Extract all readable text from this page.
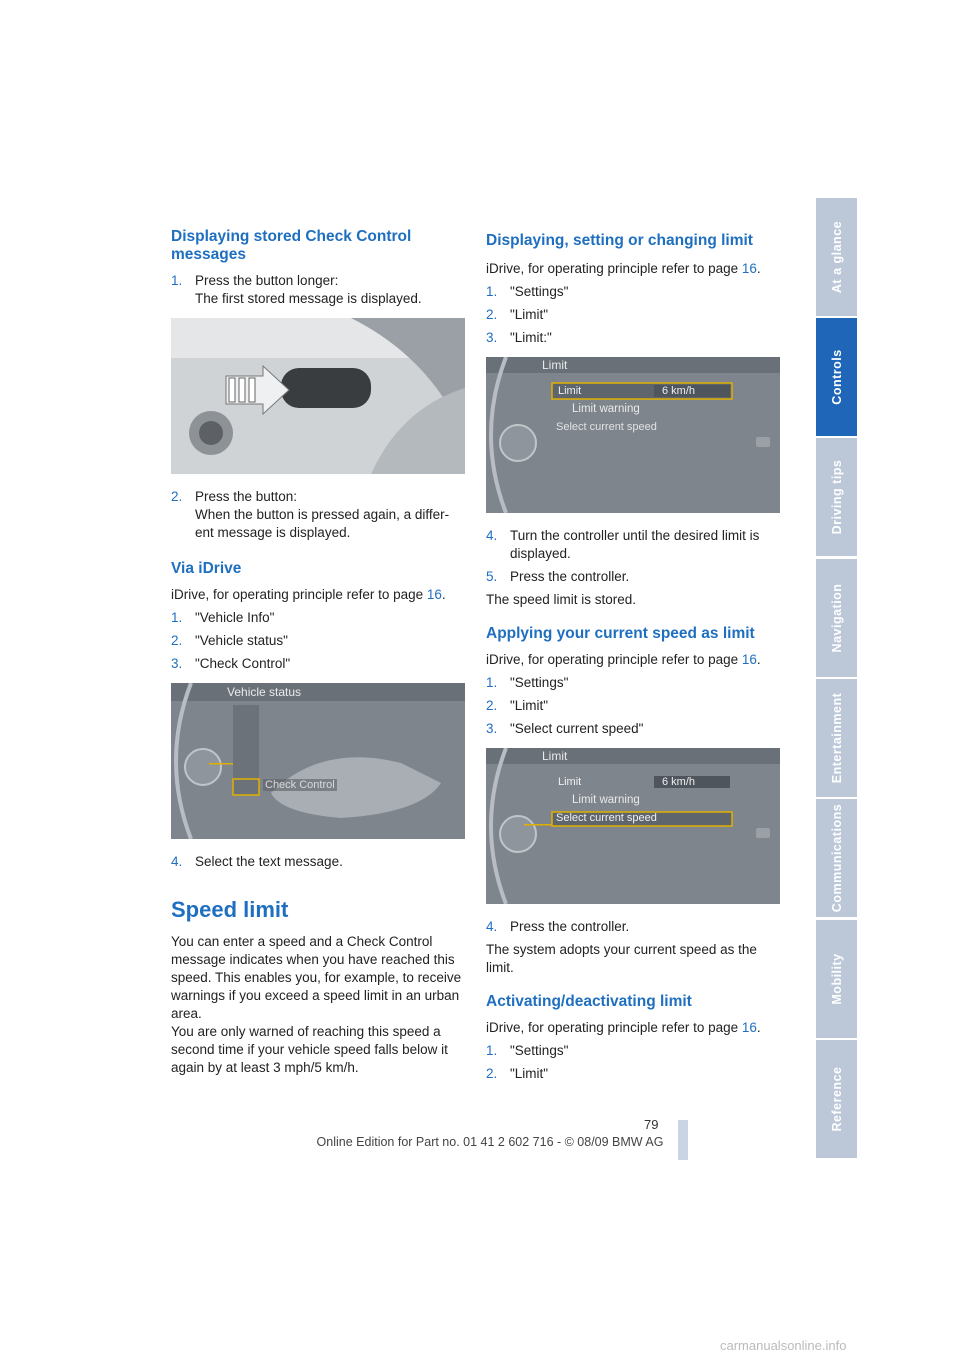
Displaying stored Check Control messages
1. Press the button longer:
The first stored message is displayed.
2. Press the button:
When the button is pressed again, a differ-ent message is displayed.
Via iDrive

iDrive, for operating principle refer to page 16.

1. "Vehicle Info"
2. "Vehicle status"
3. "Check Control"
Vehicle status
Check Control
4. Select the text message.
Speed limit

You can enter a speed and a Check Control message indicates when you have reached this speed. This enables you, for example, to receive warnings if you exceed a speed limit in an urban area.

You are only warned of reaching this speed a second time if your vehicle speed falls below it again by at least 3 mph/5 km/h.

Displaying, setting or changing limit

iDrive, for operating principle refer to page 16.

1. "Settings"
2. "Limit"
3. "Limit:"
Limit
Limit	6 km/h
Limit warning
Select current speed
4. Turn the controller until the desired limit is displayed.
5. Press the controller.

The speed limit is stored.

Applying your current speed as limit

iDrive, for operating principle refer to page 16.

1. "Settings"
2. "Limit"
3. "Select current speed"
Limit
Limit	6 km/h
Limit warning
Select current speed
4. Press the controller.

The system adopts your current speed as the limit.

Activating/deactivating limit

iDrive, for operating principle refer to page 16.

1. "Settings"
2. "Limit"
At a glance
Controls
Driving tips
Navigation
Entertainment
Communications
Mobility
Reference
79
Online Edition for Part no. 01 41 2 602 716 - © 08/09 BMW AG
carmanualsonline.info
